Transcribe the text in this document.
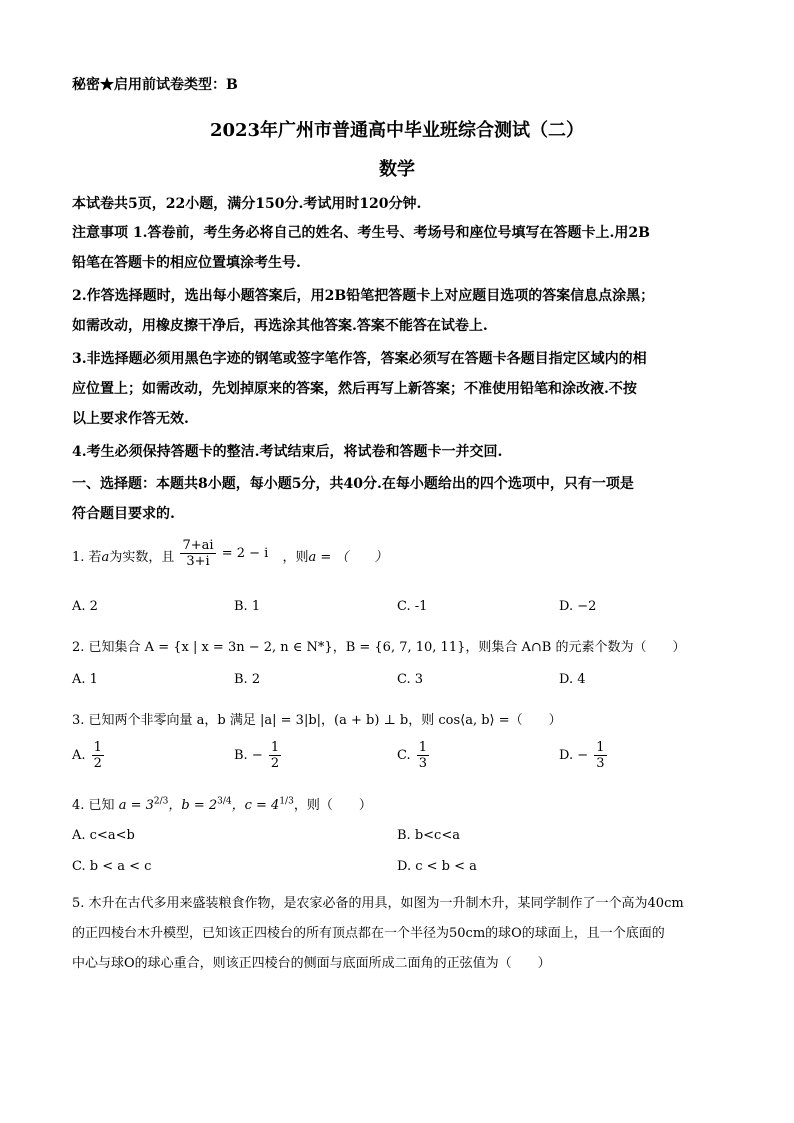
秘密★启用前试卷类型：B
2023年广州市普通高中毕业班综合测试（二）
数学
本试卷共5页，22小题，满分150分.考试用时120分钟.
注意事项 1.答卷前，考生务必将自己的姓名、考生号、考场号和座位号填写在答题卡上.用2B
铅笔在答题卡的相应位置填涂考生号.
2.作答选择题时，选出每小题答案后，用2B铅笔把答题卡上对应题目选项的答案信息点涂黑；
如需改动，用橡皮擦干净后，再选涂其他答案.答案不能答在试卷上.
3.非选择题必须用黑色字迹的钢笔或签字笔作答，答案必须写在答题卡各题目指定区域内的相
应位置上；如需改动，先划掉原来的答案，然后再写上新答案；不准使用铅笔和涂改液.不按
以上要求作答无效.
4.考生必须保持答题卡的整洁.考试结束后，将试卷和答题卡一并交回.
一、选择题：本题共8小题，每小题5分，共40分.在每小题给出的四个选项中，只有一项是
符合题目要求的.
1. 若a为实数，且 $\frac{7+ai}{3+i} = 2 - i$ ，则a = （　　）
A. 2	B. 1	C. -1	D. −2
2. 已知集合 A = {x | x = 3n − 2, n ∈ N*}，B = {6, 7, 10, 11}，则集合 A∩B 的元素个数为（　　）
A. 1	B. 2	C. 3	D. 4
3. 已知两个非零向量 a，b 满足 |a| = 3|b|，(a + b) ⊥ b，则 cos⟨a, b⟩ =（　　）
A. $\frac{1}{2}$	B. − $\frac{1}{2}$	C. $\frac{1}{3}$	D. − $\frac{1}{3}$
4. 已知 $a = 3^{2/3}$，$b = 2^{3/4}$，$c = 4^{1/3}$，则（　　）
A. c<a<b	B. b<c<a
C. b < a < c	D. c < b < a
5. 木升在古代多用来盛装粮食作物，是农家必备的用具，如图为一升制木升，某同学制作了一个高为40cm
的正四棱台木升模型，已知该正四棱台的所有顶点都在一个半径为50cm的球O的球面上，且一个底面的
中心与球O的球心重合，则该正四棱台的侧面与底面所成二面角的正弦值为（　　）
